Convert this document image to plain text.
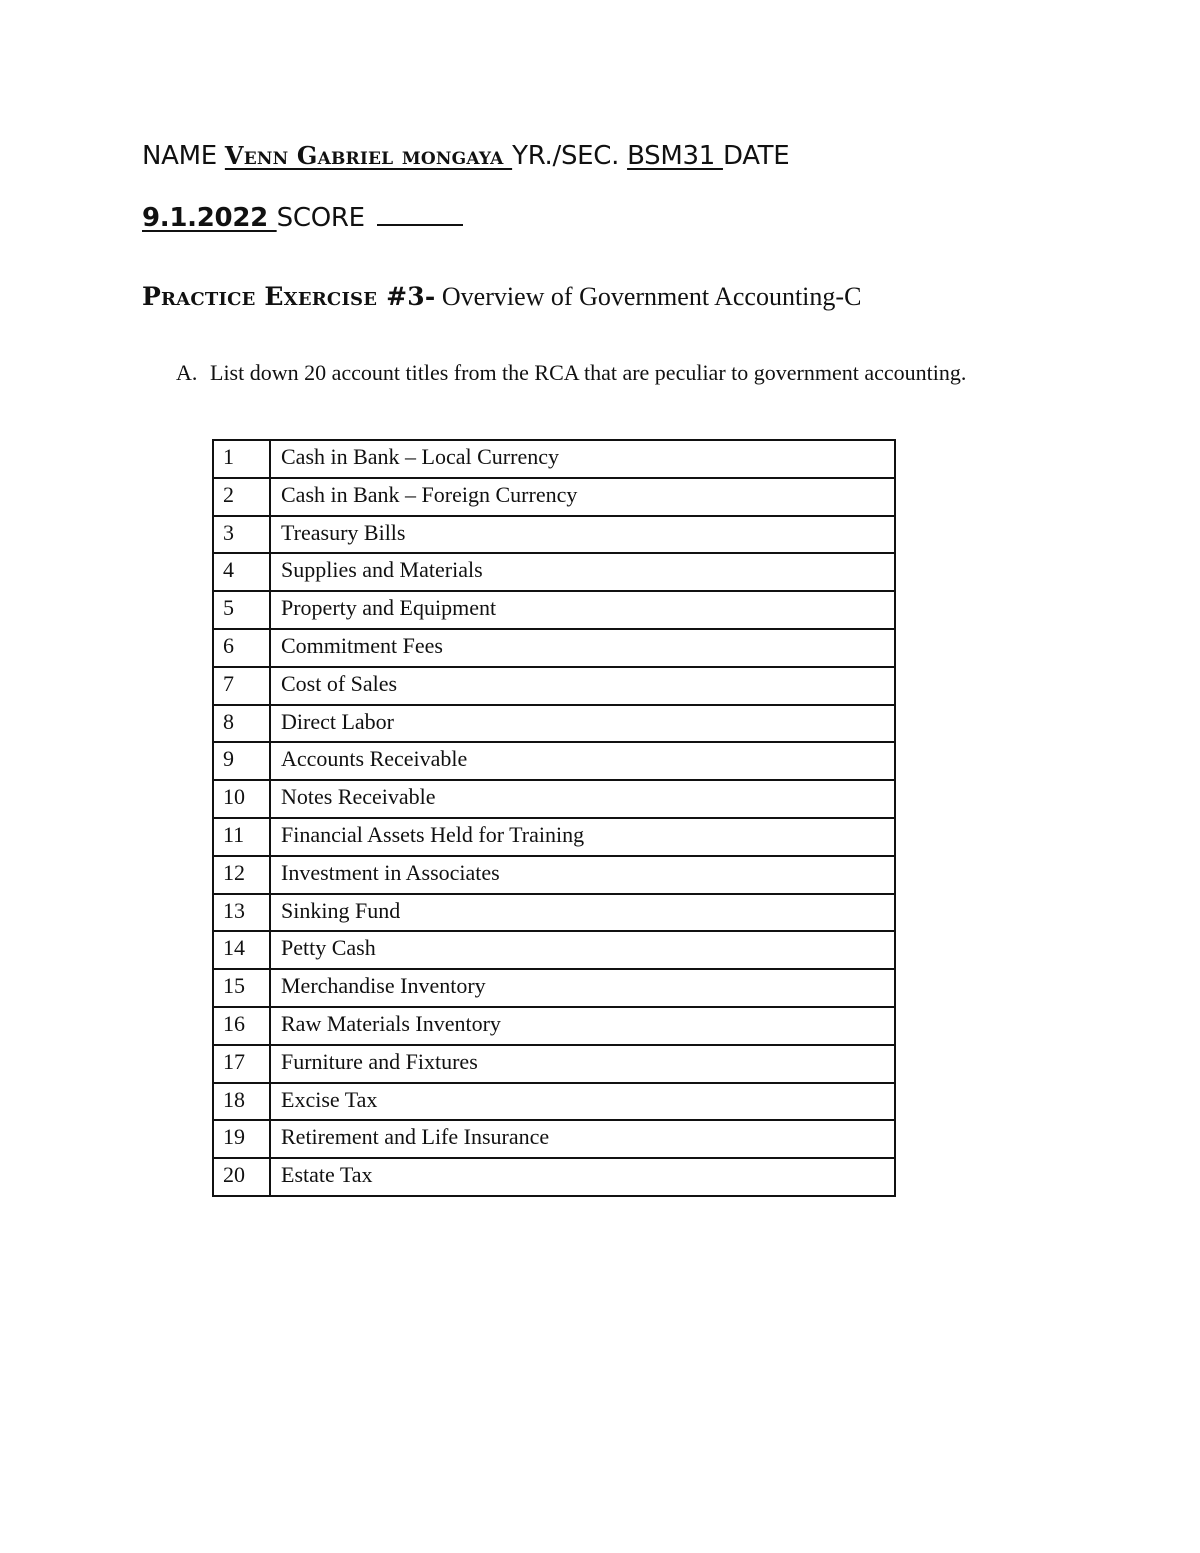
NAME Venn Gabriel mongaya YR./SEC. BSM31 DATE
9.1.2022 SCORE
Practice Exercise #3- Overview of Government Accounting-C
A. List down 20 account titles from the RCA that are peculiar to government accounting.
1	Cash in Bank – Local Currency
2	Cash in Bank – Foreign Currency
3	Treasury Bills
4	Supplies and Materials
5	Property and Equipment
6	Commitment Fees
7	Cost of Sales
8	Direct Labor
9	Accounts Receivable
10	Notes Receivable
11	Financial Assets Held for Training
12	Investment in Associates
13	Sinking Fund
14	Petty Cash
15	Merchandise Inventory
16	Raw Materials Inventory
17	Furniture and Fixtures
18	Excise Tax
19	Retirement and Life Insurance
20	Estate Tax
